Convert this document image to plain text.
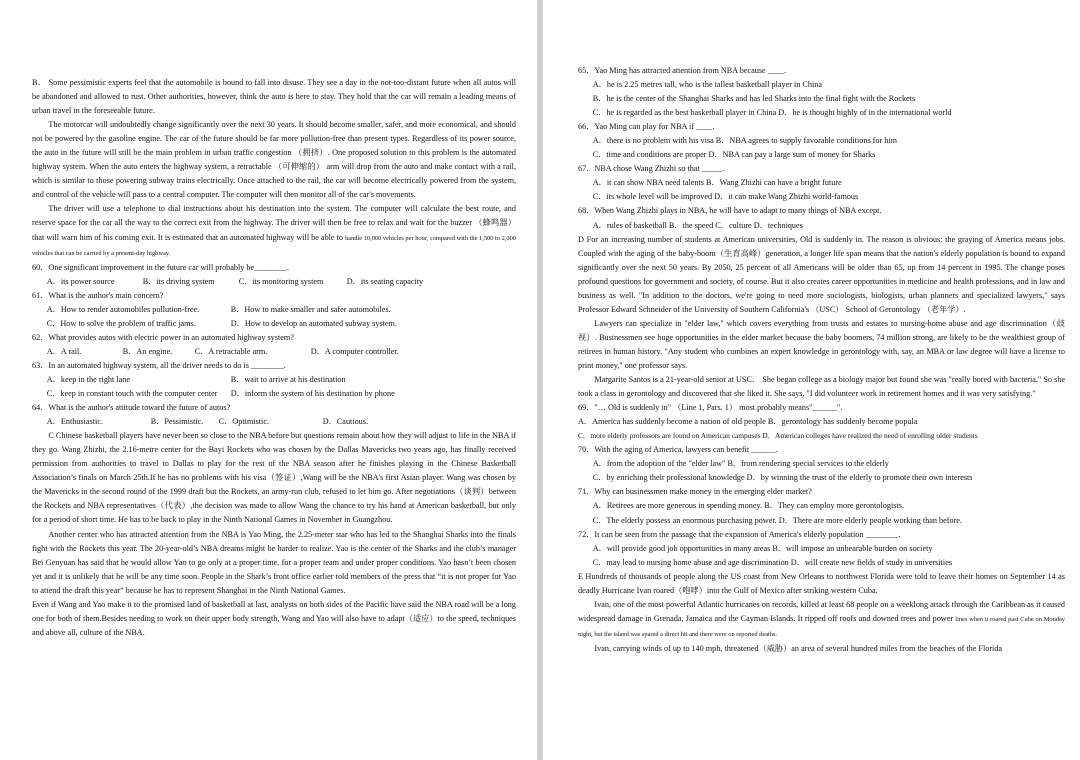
B． Some pessimistic experts feel that the automobile is bound to fall into disuse. They see a day in the not-too-distant future when all autos will be abandoned and allowed to rust. Other authorities, however, think the auto is here to stay. They hold that the car will remain a leading means of urban travel in the foreseeable future.

The motorcar will undoubtedly change significantly over the next 30 years. It should become smaller, safer, and more economical, and should not be powered by the gasoline engine. The car of the future should be far more pollution-free than present types. Regardless of its power source, the auto in the future will still be the main problem in urban traffic congestion （拥挤）. One proposed solution to this problem is the automated highway system. When the auto enters the highway system, a retractable （可伸缩的） arm will drop from the auto and make contact with a rail, which is similar to those powering subway trains electrically. Once attached to the rail, the car will become electrically powered from the system, and control of the vehicle will pass to a central computer. The computer will then monitor all of the car's movements.

The driver will use a telephone to dial instructions about his destination into the system. The computer will calculate the best route, and reserve space for the car all the way to the correct exit from the highway. The driver will then be free to relax and wait for the buzzer （蜂鸣器） that will warn him of his coming exit. It is estimated that an automated highway will be able to handle 10,000 vehicles per hour, compared with the 1,500 to 2,000 vehicles that can be carried by a present-day highway.

60．One significant improvement in the future car will probably be________.

A．its power source	B．its driving system	C．its monitoring system	D．its seating capacity

61．What is the author's main concern?

A．How to render automobiles pollution-free.	B．How to make smaller and safer automobiles.

C．How to solve the problem of traffic jams.	D．How to develop an automated subway system.

62．What provides autos with electric power in an automated highway system?

A．A rail.	B．An engine.	C．A retractable arm.	D．A computer controller.

63．In an automated highway system, all the driver needs to do is ________.

A．keep in the right lane	B．wait to arrive at his destination

C．keep in constant touch with the computer center D．inform the system of his destination by phone

64．What is the author's attitude toward the future of autos?

A．Enthusiastic.	B．Pessimistic. C．Optimistic.	D．Cautious.

C Chinese basketball players have never been so close to the NBA before but questions remain about how they will adjust to life in the NBA if they go. Wang Zhizhi, the 2.16-metre center for the Bayi Rockets who was chosen by the Dallas Mavericks two years ago, has finally received permission from authorities to travel to Dallas to play for the rest of the NBA season after he finishes playing in the Chinese Basketball Association’s finals on March 25th.If he has no problems with his visa（签证）,Wang will be the NBA's first Asian player. Wang was chosen by the Mavericks in the second round of the 1999 draft but the Rockets, an army-run club, refused to let him go. After negotiations（谈判）between the Rockets and NBA representatives（代表）,the decision was made to allow Wang the chance to try his hand at American basketball, but only for a period of short time. He has to be back to play in the Ninth National Games in November in Guangzhou.

Another center who has attracted attention from the NBA is Yao Ming, the 2.25-meter star who has led to the Shanghai Sharks into the finals fight with the Rockets this year. The 20-year-old’s NBA dreams might be harder to realize. Yao is the center of the Sharks and the club’s manager Bei Genyuan has said that he would allow Yao to go only at a proper time, for a proper team and under proper conditions. Yao hasn’t been chosen yet and it is unlikely that he will be any time soon. People in the Shark’s front office earlier told members of the press that “it is not proper for Yao to attend the draft this year” because he has to represent Shanghai in the Ninth National Games.

Even if Wang and Yao make it to the promised land of basketball at last, analysts on both sides of the Pacific have said the NBA road will be a long one for both of them.Besides needing to work on their upper body strength, Wang and Yao will also have to adapt（适应）to the speed, techniques and above all, culture of the NBA.

65．Yao Ming has attracted attention from NBA because ____.

A．he is 2.25 metres tall, who is the tallest basketball player in China

B．he is the center of the Shanghai Sharks and has led Sharks into the final fight with the Rockets

C．he is regarded as the best basketball player in China D．he is thought highly of in the international world

66．Yao Ming can play for NBA if ____.

A．there is no problem with his visa B．NBA agrees to supply favorable conditions for him

C．time and conditions are proper D．NBA can pay a large sum of money for Sharks

67．NBA chose Wang Zhizhi so that _____.

A．it can show NBA need talents B．Wang Zhizhi can have a bright future

C．its whole level will be improved D．it can make Wang Zhizhi world-famous

68．When Wang Zhizhi plays in NBA, he will have to adapt to many things of NBA except.

A．rules of basketball B．the speed C．culture D．techniques

D For an increasing number of students at American universities, Old is suddenly in. The reason is obvious: the graying of America means jobs. Coupled with the aging of the baby-boom（生育高峰）generation, a longer life span means that the nation's elderly population is bound to expand significantly over the next 50 years. By 2050, 25 percent of all Americans will be older than 65, up from 14 percent in 1995. The change poses profound questions for government and society, of course. But it also creates career opportunities in medicine and health professions, and in law and business as well. "In addition to the doctors, we're going to need more sociologists, biologists, urban planners and specialized lawyers," says Professor Edward Schneider of the University of Southern California's （USC） School of Gerontology （老年学）.

Lawyers can specialize in "elder law," which covers everything from trusts and estates to nursing-home abuse and age discrimination（歧视）. Businessmen see huge opportunities in the elder market because the baby boomers, 74 million strong, are likely to be the wealthiest group of retirees in human history. "Any student who combines an expert knowledge in gerontology with, say, an MBA or law degree will have a license to print money," one professor says.

Margarite Santos is a 21-year-old senior at USC． She began college as a biology major but found she was "really bored with bacteria." So she took a class in gerontology and discovered that she liked it. She says, "I did volunteer work in retirement homes and it was very satisfying."

69．"… Old is suddenly in" （Line 1, Pars. 1） most probably means"______".

A．America has suddenly become a nation of old people B．gerontology has suddenly become popula

C．more elderly professors are found on American campuses D．American colleges have realized the need of enrolling older students

70．With the aging of America, lawyers can benefit ______.

A．from the adoption of the "elder law" B．from rendering special services to the elderly

C．by enriching their professional knowledge D．by winning the trust of the elderly to promote their own interests

71．Why can businessmen make money in the emerging elder market?

A．Retirees are more generous in spending money. B．They can employ more gerontologists.

C．The elderly possess an enormous purchasing power. D．There are more elderly people working than before.

72．It can be seen from the passage that the expansion of America's elderly population ________.

A．will provide good job opportunities in many areas B．will impose an unbearable burden on society

C．may lead to nursing home abuse and age discrimination D．will create new fields of study in universities

E Hundreds of thousands of people along the US coast from New Orleans to northwest Florida were told to leave their homes on September 14 as deadly Hurricane Ivan roared（咆哮）into the Gulf of Mexico after striking western Cuba.

Ivan, one of the most powerful Atlantic hurricanes on records, killed at least 68 people on a weeklong attack through the Caribbean as it caused widespread damage in Grenada, Jamaica and the Cayman Islands. It ripped off roofs and downed trees and power lines when it roared past Cube on Monday night, but the island was spared a direct hit and there were on reported deaths.

Ivan, carrying winds of up to 140 mph, threatened（威胁）an area of several hundred miles from the beaches of the Florida
